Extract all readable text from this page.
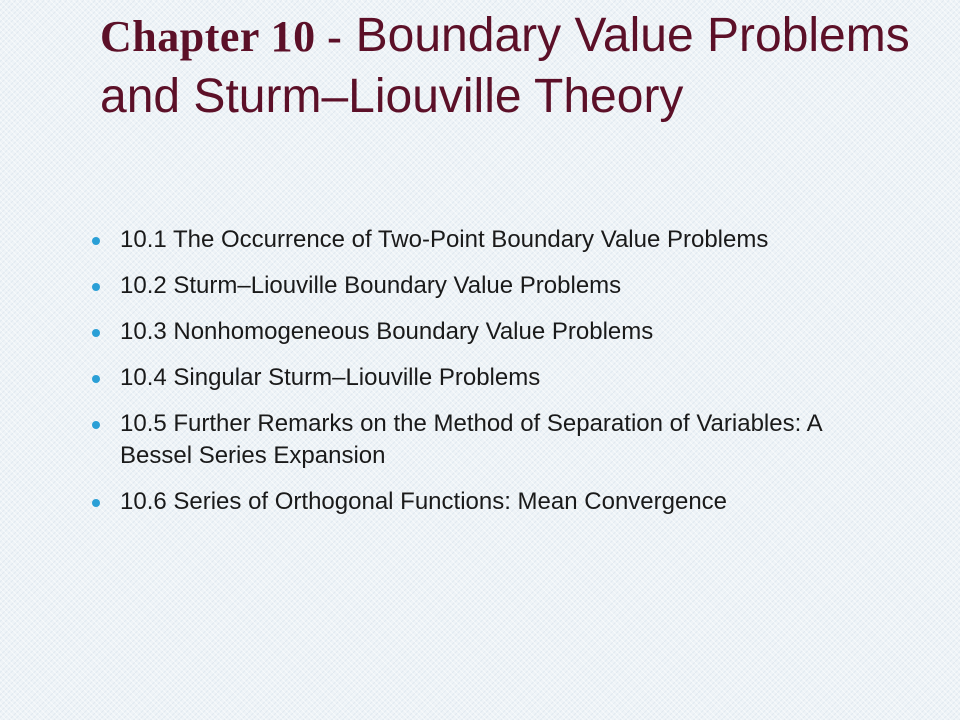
Chapter 10 - Boundary Value Problems and Sturm–Liouville Theory
10.1 The Occurrence of Two-Point Boundary Value Problems
10.2 Sturm–Liouville Boundary Value Problems
10.3 Nonhomogeneous Boundary Value Problems
10.4 Singular Sturm–Liouville Problems
10.5 Further Remarks on the Method of Separation of Variables: A Bessel Series Expansion
10.6 Series of Orthogonal Functions: Mean Convergence
